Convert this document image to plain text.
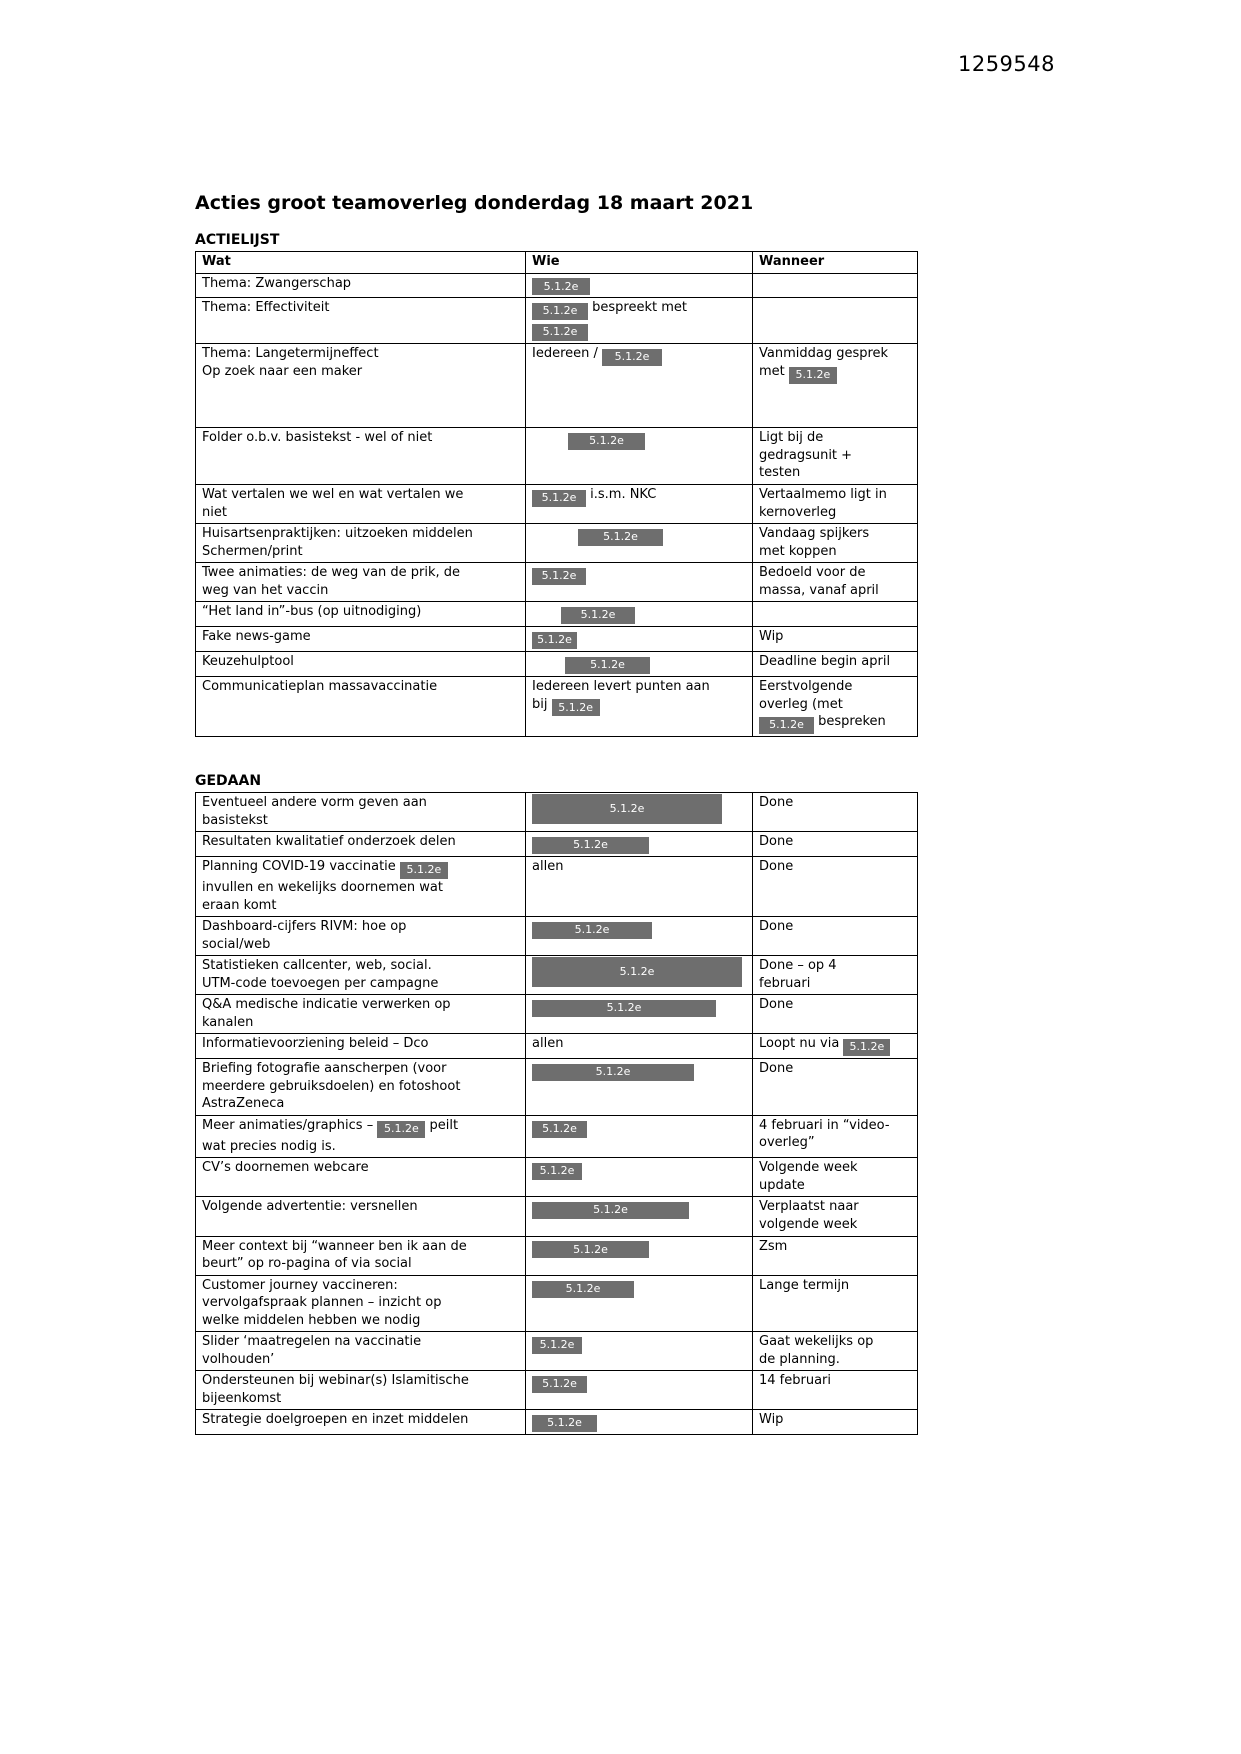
1259548
Acties groot teamoverleg donderdag 18 maart 2021
ACTIELIJST
Wat	Wie	Wanneer
Thema: Zwangerschap	5.1.2e	
Thema: Effectiviteit	5.1.2e bespreekt met
5.1.2e	
Thema: Langetermijneffect
Op zoek naar een maker	Iedereen / 5.1.2e	Vanmiddag gesprek
met 5.1.2e
Folder o.b.v. basistekst - wel of niet	5.1.2e	Ligt bij de
gedragsunit +
testen
Wat vertalen we wel en wat vertalen we
niet	5.1.2e i.s.m. NKC	Vertaalmemo ligt in
kernoverleg
Huisartsenpraktijken: uitzoeken middelen
Schermen/print	5.1.2e	Vandaag spijkers
met koppen
Twee animaties: de weg van de prik, de
weg van het vaccin	5.1.2e	Bedoeld voor de
massa, vanaf april
“Het land in”-bus (op uitnodiging)	5.1.2e	
Fake news-game	5.1.2e	Wip
Keuzehulptool	5.1.2e	Deadline begin april
Communicatieplan massavaccinatie	Iedereen levert punten aan
bij 5.1.2e	Eerstvolgende
overleg (met
5.1.2e bespreken
GEDAAN
Eventueel andere vorm geven aan
basistekst	5.1.2e	Done
Resultaten kwalitatief onderzoek delen	5.1.2e	Done
Planning COVID-19 vaccinatie 5.1.2e
invullen en wekelijks doornemen wat
eraan komt	allen	Done
Dashboard-cijfers RIVM: hoe op
social/web	5.1.2e	Done
Statistieken callcenter, web, social.
UTM-code toevoegen per campagne	5.1.2e	Done – op 4
februari
Q&A medische indicatie verwerken op
kanalen	5.1.2e	Done
Informatievoorziening beleid – Dco	allen	Loopt nu via 5.1.2e
Briefing fotografie aanscherpen (voor
meerdere gebruiksdoelen) en fotoshoot
AstraZeneca	5.1.2e	Done
Meer animaties/graphics – 5.1.2e peilt
wat precies nodig is.	5.1.2e	4 februari in “video-
overleg”
CV’s doornemen webcare	5.1.2e	Volgende week
update
Volgende advertentie: versnellen	5.1.2e	Verplaatst naar
volgende week
Meer context bij “wanneer ben ik aan de
beurt” op ro-pagina of via social	5.1.2e	Zsm
Customer journey vaccineren:
vervolgafspraak plannen – inzicht op
welke middelen hebben we nodig	5.1.2e	Lange termijn
Slider ‘maatregelen na vaccinatie
volhouden’	5.1.2e	Gaat wekelijks op
de planning.
Ondersteunen bij webinar(s) Islamitische
bijeenkomst	5.1.2e	14 februari
Strategie doelgroepen en inzet middelen	5.1.2e	Wip
